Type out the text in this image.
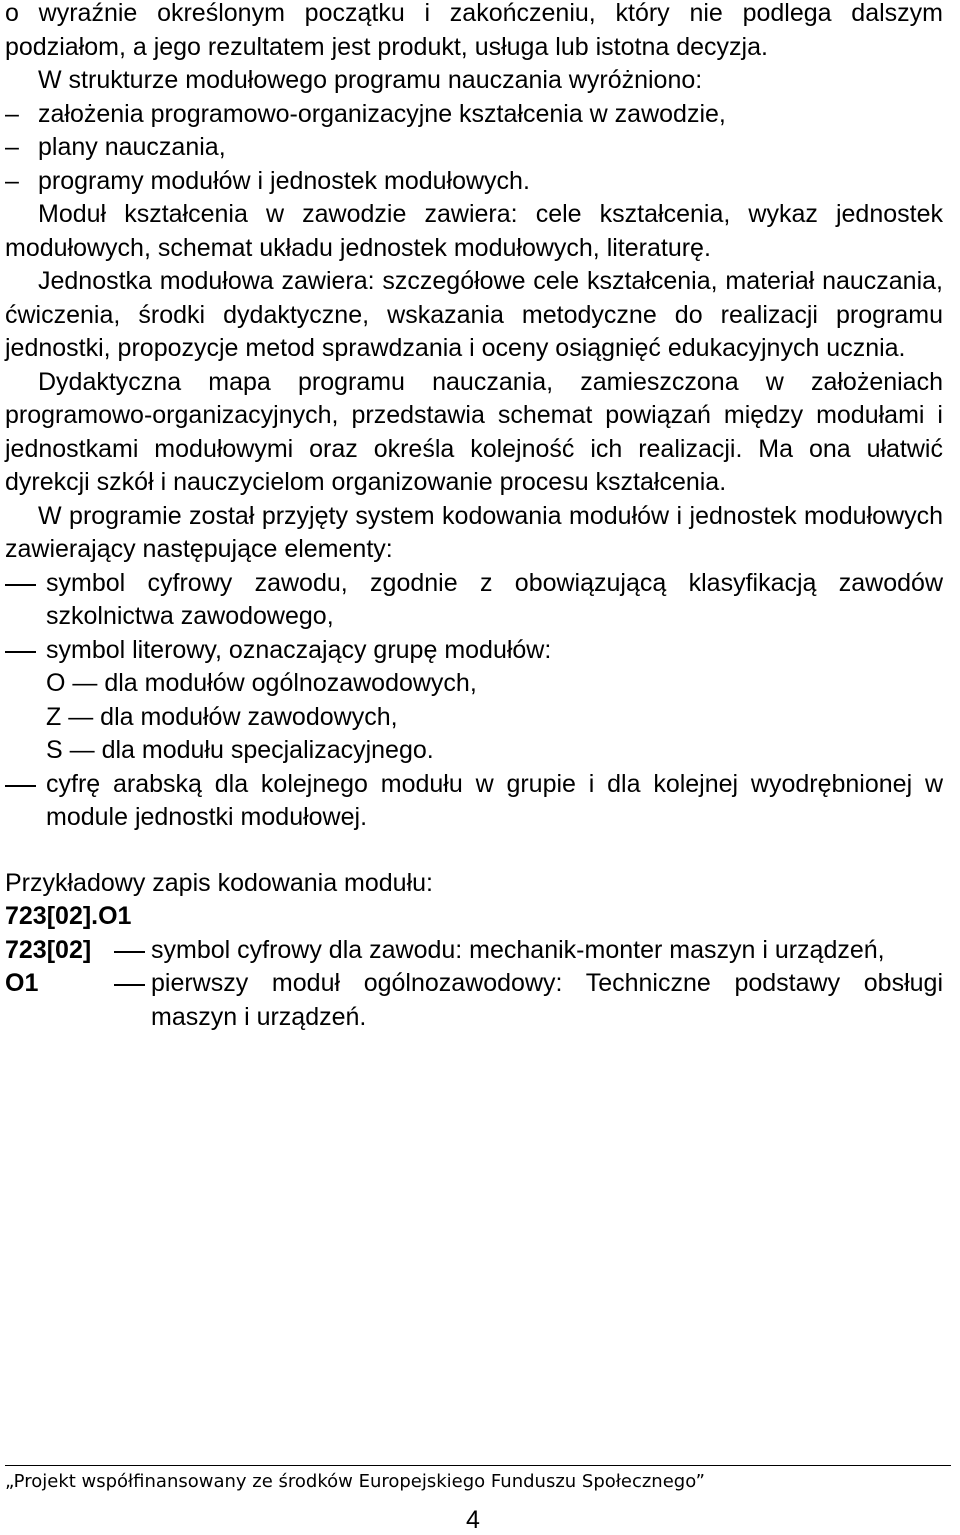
o wyraźnie określonym początku i zakończeniu, który nie podlega dalszym podziałom, a jego rezultatem jest produkt, usługa lub istotna decyzja.

W strukturze modułowego programu nauczania wyróżniono:

– założenia programowo-organizacyjne kształcenia w zawodzie,

– plany nauczania,

– programy modułów i jednostek modułowych.

Moduł kształcenia w zawodzie zawiera: cele kształcenia, wykaz jednostek modułowych, schemat układu jednostek modułowych, literaturę.

Jednostka modułowa zawiera: szczegółowe cele kształcenia, materiał nauczania, ćwiczenia, środki dydaktyczne, wskazania metodyczne do realizacji programu jednostki, propozycje metod sprawdzania i oceny osiągnięć edukacyjnych ucznia.

Dydaktyczna mapa programu nauczania, zamieszczona w założeniach programowo-organizacyjnych, przedstawia schemat powiązań między modułami i jednostkami modułowymi oraz określa kolejność ich realizacji. Ma ona ułatwić dyrekcji szkół i nauczycielom organizowanie procesu kształcenia.

W programie został przyjęty system kodowania modułów i jednostek modułowych zawierający następujące elementy:

symbol cyfrowy zawodu, zgodnie z obowiązującą klasyfikacją zawodów szkolnictwa zawodowego,

symbol literowy, oznaczający grupę modułów:

O — dla modułów ogólnozawodowych,

Z — dla modułów zawodowych,

S — dla modułu specjalizacyjnego.

cyfrę arabską dla kolejnego modułu w grupie i dla kolejnej wyodrębnionej w module jednostki modułowej.

Przykładowy zapis kodowania modułu:

723[02].O1

723[02]	symbol cyfrowy dla zawodu: mechanik-monter maszyn i urządzeń,
O1	pierwszy moduł ogólnozawodowy: Techniczne podstawy obsługi maszyn i urządzeń.
„Projekt współfinansowany ze środków Europejskiego Funduszu Społecznego”
4
